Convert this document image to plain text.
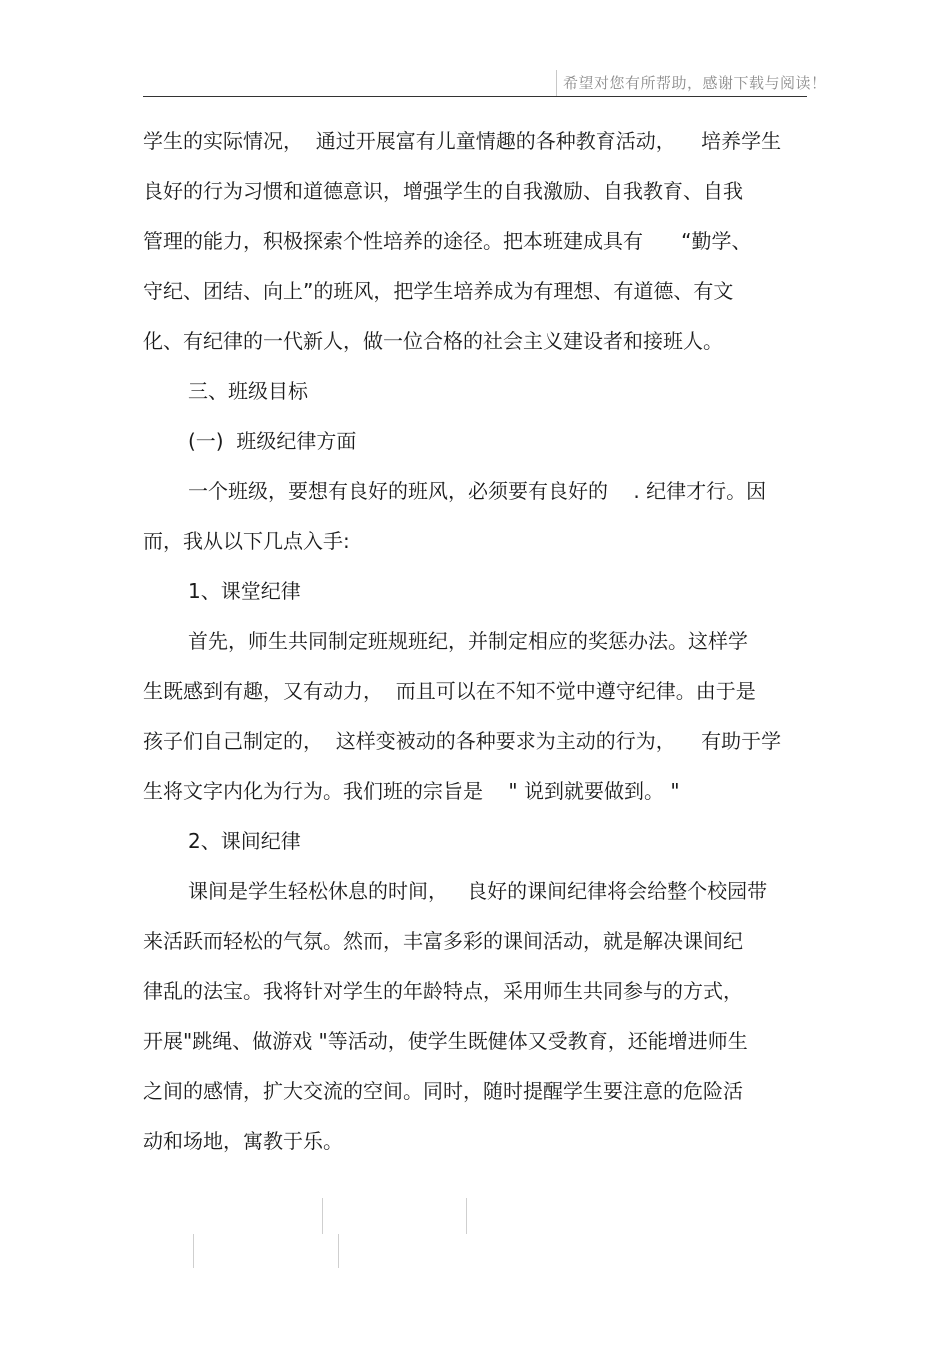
希望对您有所帮助，感谢下载与阅读！
学生的实际情况，  通过开展富有儿童情趣的各种教育活动，    培养学生
良好的行为习惯和道德意识，增强学生的自我激励、自我教育、自我
管理的能力，积极探索个性培养的途径。把本班建成具有      “勤学、
守纪、团结、向上”的班风，把学生培养成为有理想、有道德、有文
化、有纪律的一代新人，做一位合格的社会主义建设者和接班人。
三、班级目标
(一)  班级纪律方面
一个班级，要想有良好的班风，必须要有良好的    . 纪律才行。因
而，我从以下几点入手:
1、课堂纪律
首先，师生共同制定班规班纪，并制定相应的奖惩办法。这样学
生既感到有趣，又有动力，  而且可以在不知不觉中遵守纪律。由于是
孩子们自己制定的，  这样变被动的各种要求为主动的行为，    有助于学
生将文字内化为行为。我们班的宗旨是    " 说到就要做到。 "
2、课间纪律
课间是学生轻松休息的时间，   良好的课间纪律将会给整个校园带
来活跃而轻松的气氛。然而，丰富多彩的课间活动，就是解决课间纪
律乱的法宝。我将针对学生的年龄特点，采用师生共同参与的方式，
开展"跳绳、做游戏 "等活动，使学生既健体又受教育，还能增进师生
之间的感情，扩大交流的空间。同时，随时提醒学生要注意的危险活
动和场地，寓教于乐。
